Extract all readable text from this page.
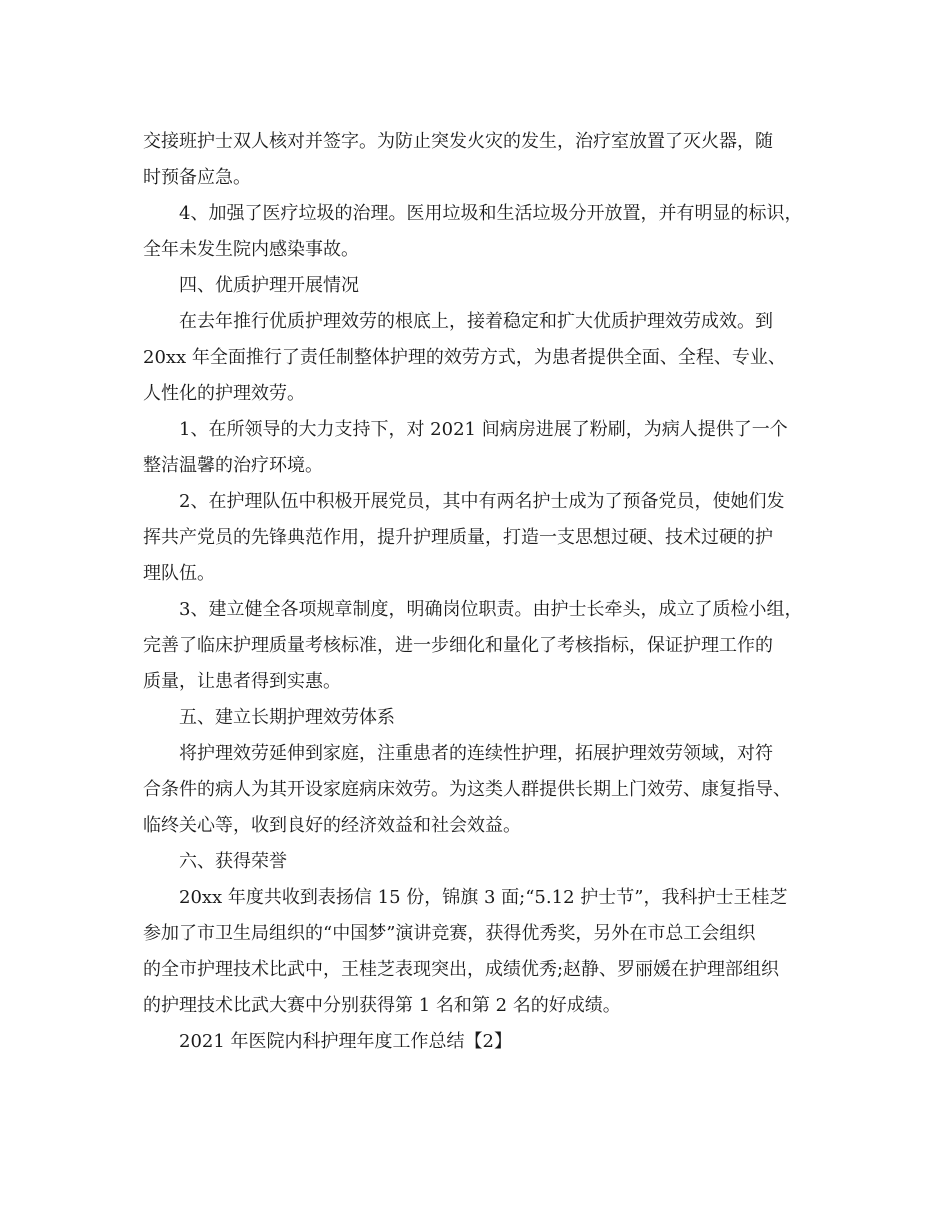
交接班护士双人核对并签字。为防止突发火灾的发生，治疗室放置了灭火器，随
时预备应急。
4、加强了医疗垃圾的治理。医用垃圾和生活垃圾分开放置，并有明显的标识，
全年未发生院内感染事故。
四、优质护理开展情况
在去年推行优质护理效劳的根底上，接着稳定和扩大优质护理效劳成效。到
20xx 年全面推行了责任制整体护理的效劳方式，为患者提供全面、全程、专业、
人性化的护理效劳。
1、在所领导的大力支持下，对 2021 间病房进展了粉刷，为病人提供了一个
整洁温馨的治疗环境。
2、在护理队伍中积极开展党员，其中有两名护士成为了预备党员，使她们发
挥共产党员的先锋典范作用，提升护理质量，打造一支思想过硬、技术过硬的护
理队伍。
3、建立健全各项规章制度，明确岗位职责。由护士长牵头，成立了质检小组，
完善了临床护理质量考核标准，进一步细化和量化了考核指标，保证护理工作的
质量，让患者得到实惠。
五、建立长期护理效劳体系
将护理效劳延伸到家庭，注重患者的连续性护理，拓展护理效劳领域，对符
合条件的病人为其开设家庭病床效劳。为这类人群提供长期上门效劳、康复指导、
临终关心等，收到良好的经济效益和社会效益。
六、获得荣誉
20xx 年度共收到表扬信 15 份，锦旗 3 面;“5.12 护士节”，我科护士王桂芝
参加了市卫生局组织的“中国梦”演讲竞赛，获得优秀奖，另外在市总工会组织
的全市护理技术比武中，王桂芝表现突出，成绩优秀;赵静、罗丽媛在护理部组织
的护理技术比武大赛中分别获得第 1 名和第 2 名的好成绩。
2021 年医院内科护理年度工作总结【2】
